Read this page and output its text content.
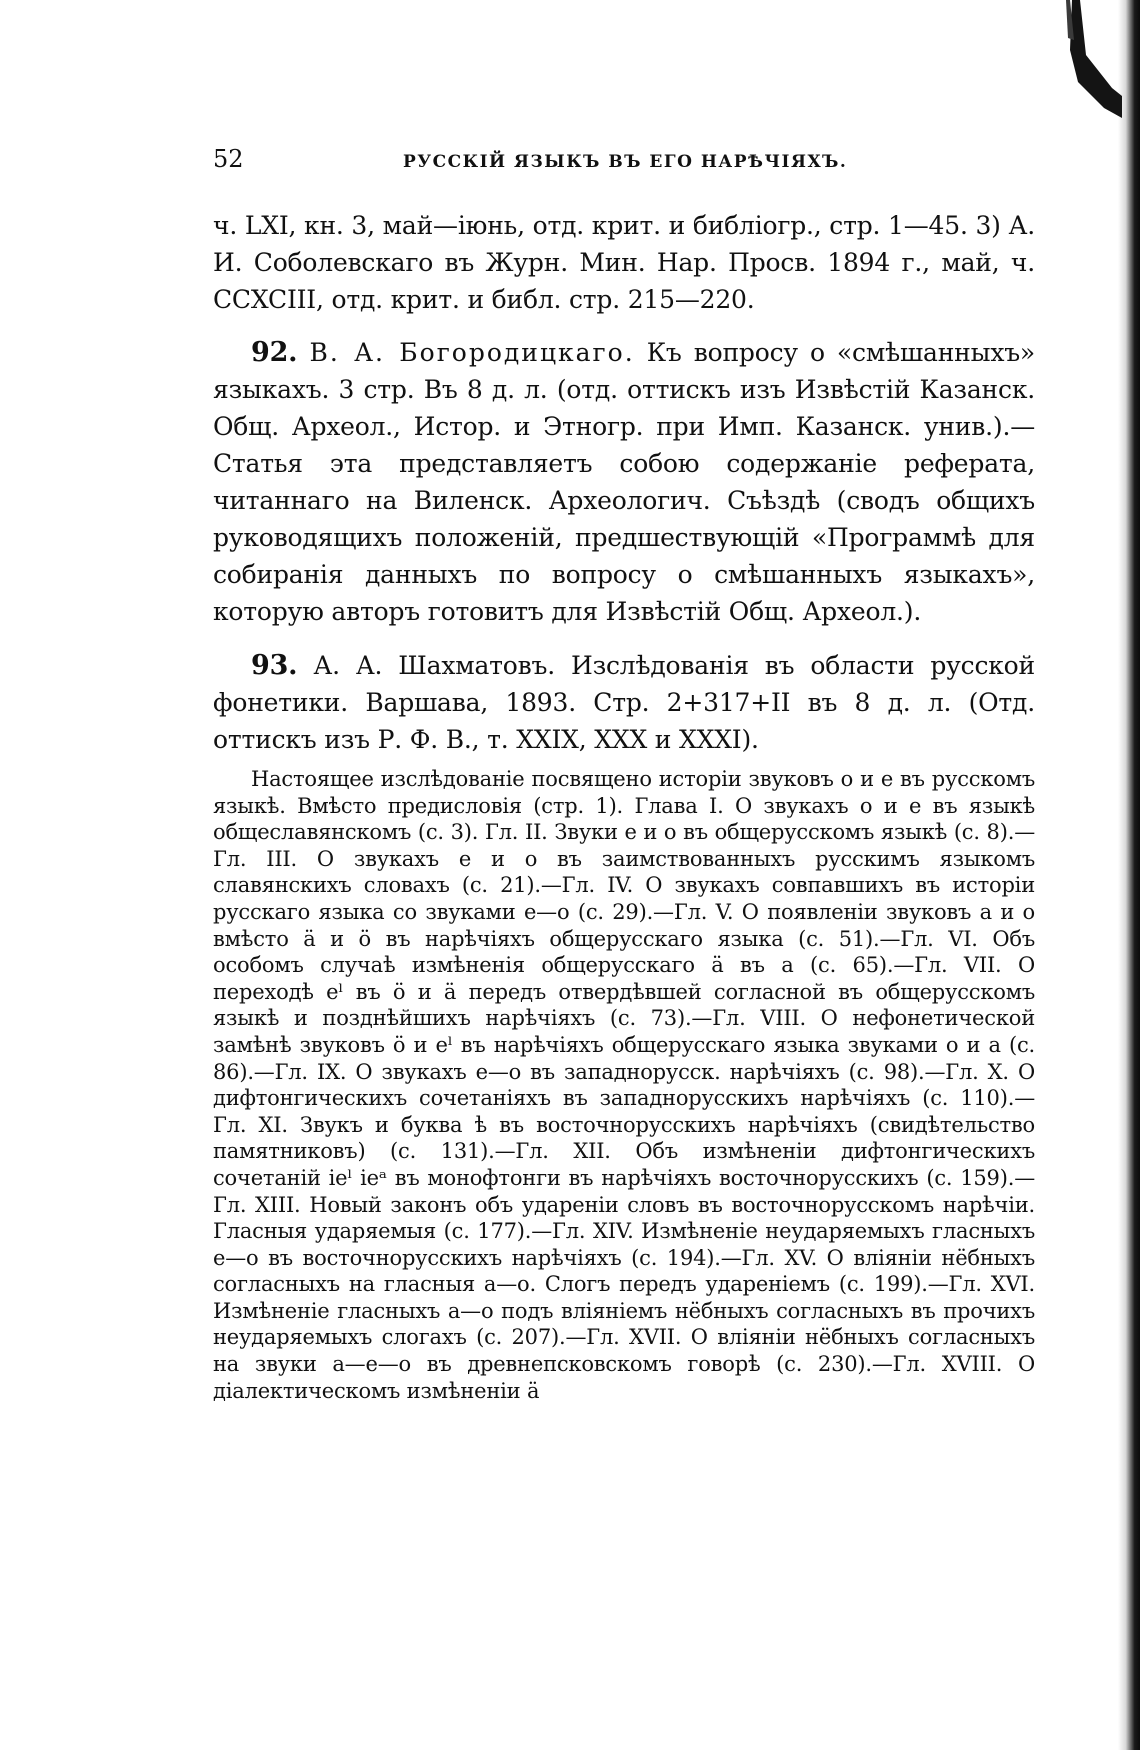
52	РУССКІЙ ЯЗЫКЪ ВЪ ЕГО НАРѢЧІЯХЪ.

ч. LXI, кн. 3, май—іюнь, отд. крит. и библіогр., стр. 1—45. 3) А. И. Соболевскаго въ Журн. Мин. Нар. Просв. 1894 г., май, ч. CCXCIII, отд. крит. и библ. стр. 215—220.

92. В. А. Богородицкаго. Къ вопросу о «смѣшанныхъ» языкахъ. 3 стр. Въ 8 д. л. (отд. оттискъ изъ Извѣстій Казанск. Общ. Археол., Истор. и Этногр. при Имп. Казанск. унив.).—Статья эта представляетъ собою содержаніе реферата, читаннаго на Виленск. Археологич. Съѣздѣ (сводъ общихъ руководящихъ положеній, предшествующій «Программѣ для собиранія данныхъ по вопросу о смѣшанныхъ языкахъ», которую авторъ готовитъ для Извѣстій Общ. Археол.).

93. А. А. Шахматовъ. Изслѣдованія въ области русской фонетики. Варшава, 1893. Стр. 2+317+II въ 8 д. л. (Отд. оттискъ изъ Р. Ф. В., т. XXIX, XXX и XXXI).

Настоящее изслѣдованіе посвящено исторіи звуковъ о и е въ русскомъ языкѣ. Вмѣсто предисловія (стр. 1). Глава I. О звукахъ о и е въ языкѣ общеславянскомъ (с. 3). Гл. II. Звуки е и о въ общерусскомъ языкѣ (с. 8).—Гл. III. О звукахъ е и о въ заимствованныхъ русскимъ языкомъ славянскихъ словахъ (с. 21).—Гл. IV. О звукахъ совпавшихъ въ исторіи русскаго языка со звуками е—о (с. 29).—Гл. V. О появленіи звуковъ а и о вмѣсто ӓ и ӧ въ нарѣчіяхъ общерусскаго языка (с. 51).—Гл. VI. Объ особомъ случаѣ измѣненія общерусскаго ӓ въ а (с. 65).—Гл. VII. О переходѣ еˡ въ ӧ и ӓ передъ отвердѣвшей согласной въ общерусскомъ языкѣ и позднѣйшихъ нарѣчіяхъ (с. 73).—Гл. VIII. О нефонетической замѣнѣ звуковъ ӧ и еˡ въ нарѣчіяхъ общерусскаго языка звуками о и а (с. 86).—Гл. IX. О звукахъ е—о въ западнорусск. нарѣчіяхъ (с. 98).—Гл. X. О дифтонгическихъ сочетаніяхъ въ западнорусскихъ нарѣчіяхъ (с. 110).—Гл. XI. Звукъ и буква ѣ въ восточнорусскихъ нарѣчіяхъ (свидѣтельство памятниковъ) (с. 131).—Гл. XII. Объ измѣненіи дифтонгическихъ сочетаній іеˡ іеᵃ въ монофтонги въ нарѣчіяхъ восточнорусскихъ (с. 159).—Гл. XIII. Новый законъ объ удареніи словъ въ восточнорусскомъ нарѣчіи. Гласныя ударяемыя (с. 177).—Гл. XIV. Измѣненіе неударяемыхъ гласныхъ е—о въ восточнорусскихъ нарѣчіяхъ (с. 194).—Гл. XV. О вліяніи нёбныхъ согласныхъ на гласныя а—о. Слогъ передъ удареніемъ (с. 199).—Гл. XVI. Измѣненіе гласныхъ а—о подъ вліяніемъ нёбныхъ согласныхъ въ прочихъ неударяемыхъ слогахъ (с. 207).—Гл. XVII. О вліяніи нёбныхъ согласныхъ на звуки а—е—о въ древнепсковскомъ говорѣ (с. 230).—Гл. XVIII. О діалектическомъ измѣненіи ӓ
